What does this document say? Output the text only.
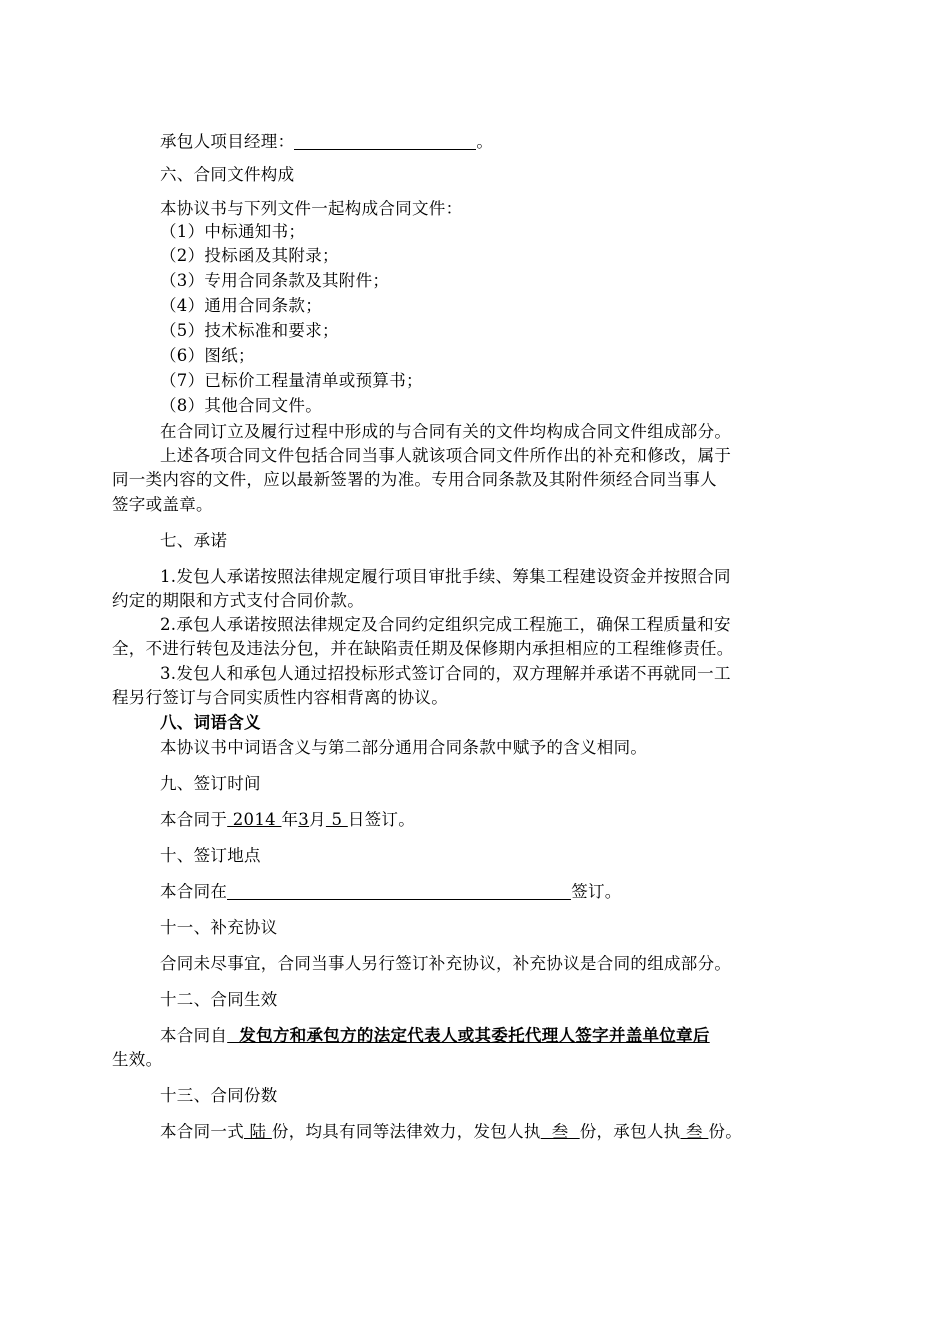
承包人项目经理：	。
六、合同文件构成
本协议书与下列文件一起构成合同文件：
（1）中标通知书；
（2）投标函及其附录；
（3）专用合同条款及其附件；
（4）通用合同条款；
（5）技术标准和要求；
（6）图纸；
（7）已标价工程量清单或预算书；
（8）其他合同文件。
在合同订立及履行过程中形成的与合同有关的文件均构成合同文件组成部分。
上述各项合同文件包括合同当事人就该项合同文件所作出的补充和修改，属于
同一类内容的文件，应以最新签署的为准。专用合同条款及其附件须经合同当事人
签字或盖章。
七、承诺
1.发包人承诺按照法律规定履行项目审批手续、筹集工程建设资金并按照合同
约定的期限和方式支付合同价款。
2.承包人承诺按照法律规定及合同约定组织完成工程施工，确保工程质量和安
全，不进行转包及违法分包，并在缺陷责任期及保修期内承担相应的工程维修责任。
3.发包人和承包人通过招投标形式签订合同的，双方理解并承诺不再就同一工
程另行签订与合同实质性内容相背离的协议。
八、词语含义
本协议书中词语含义与第二部分通用合同条款中赋予的含义相同。
九、签订时间
本合同于 2014 年3月 5 日签订。
十、签订地点
本合同在	签订。
十一、补充协议
合同未尽事宜，合同当事人另行签订补充协议，补充协议是合同的组成部分。
十二、合同生效
本合同自  发包方和承包方的法定代表人或其委托代理人签字并盖单位章后
生效。
十三、合同份数
本合同一式 陆 份，均具有同等法律效力，发包人执  叁  份，承包人执 叁 份。
